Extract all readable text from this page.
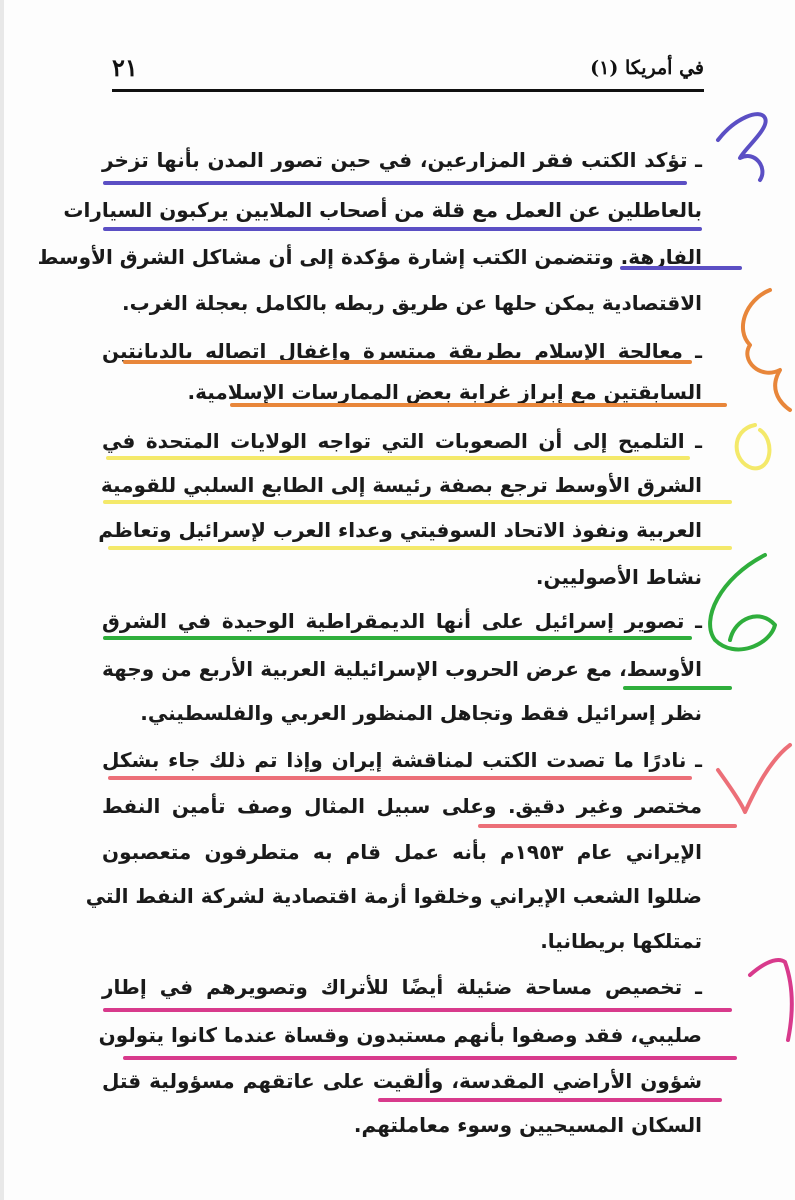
في أمريكا (١)
٢١
ـ تؤكد الكتب فقر المزارعين، في حين تصور المدن بأنها تزخر
بالعاطلين عن العمل مع قلة من أصحاب الملايين يركبون السيارات
الفارهة. وتتضمن الكتب إشارة مؤكدة إلى أن مشاكل الشرق الأوسط
الاقتصادية يمكن حلها عن طريق ربطه بالكامل بعجلة الغرب.
ـ معالجة الإسلام بطريقة مبتسرة وإغفال اتصاله بالديانتين
السابقتين مع إبراز غرابة بعض الممارسات الإسلامية.
ـ التلميح إلى أن الصعوبات التي تواجه الولايات المتحدة في
الشرق الأوسط ترجع بصفة رئيسة إلى الطابع السلبي للقومية
العربية ونفوذ الاتحاد السوفيتي وعداء العرب لإسرائيل وتعاظم
نشاط الأصوليين.
ـ تصوير إسرائيل على أنها الديمقراطية الوحيدة في الشرق
الأوسط، مع عرض الحروب الإسرائيلية العربية الأربع من وجهة
نظر إسرائيل فقط وتجاهل المنظور العربي والفلسطيني.
ـ نادرًا ما تصدت الكتب لمناقشة إيران وإذا تم ذلك جاء بشكل
مختصر وغير دقيق. وعلى سبيل المثال وصف تأمين النفط
الإيراني عام ١٩٥٣م بأنه عمل قام به متطرفون متعصبون
ضللوا الشعب الإيراني وخلقوا أزمة اقتصادية لشركة النفط التي
تمتلكها بريطانيا.
ـ تخصيص مساحة ضئيلة أيضًا للأتراك وتصويرهم في إطار
صليبي، فقد وصفوا بأنهم مستبدون وقساة عندما كانوا يتولون
شؤون الأراضي المقدسة، وألقيت على عاتقهم مسؤولية قتل
السكان المسيحيين وسوء معاملتهم.
